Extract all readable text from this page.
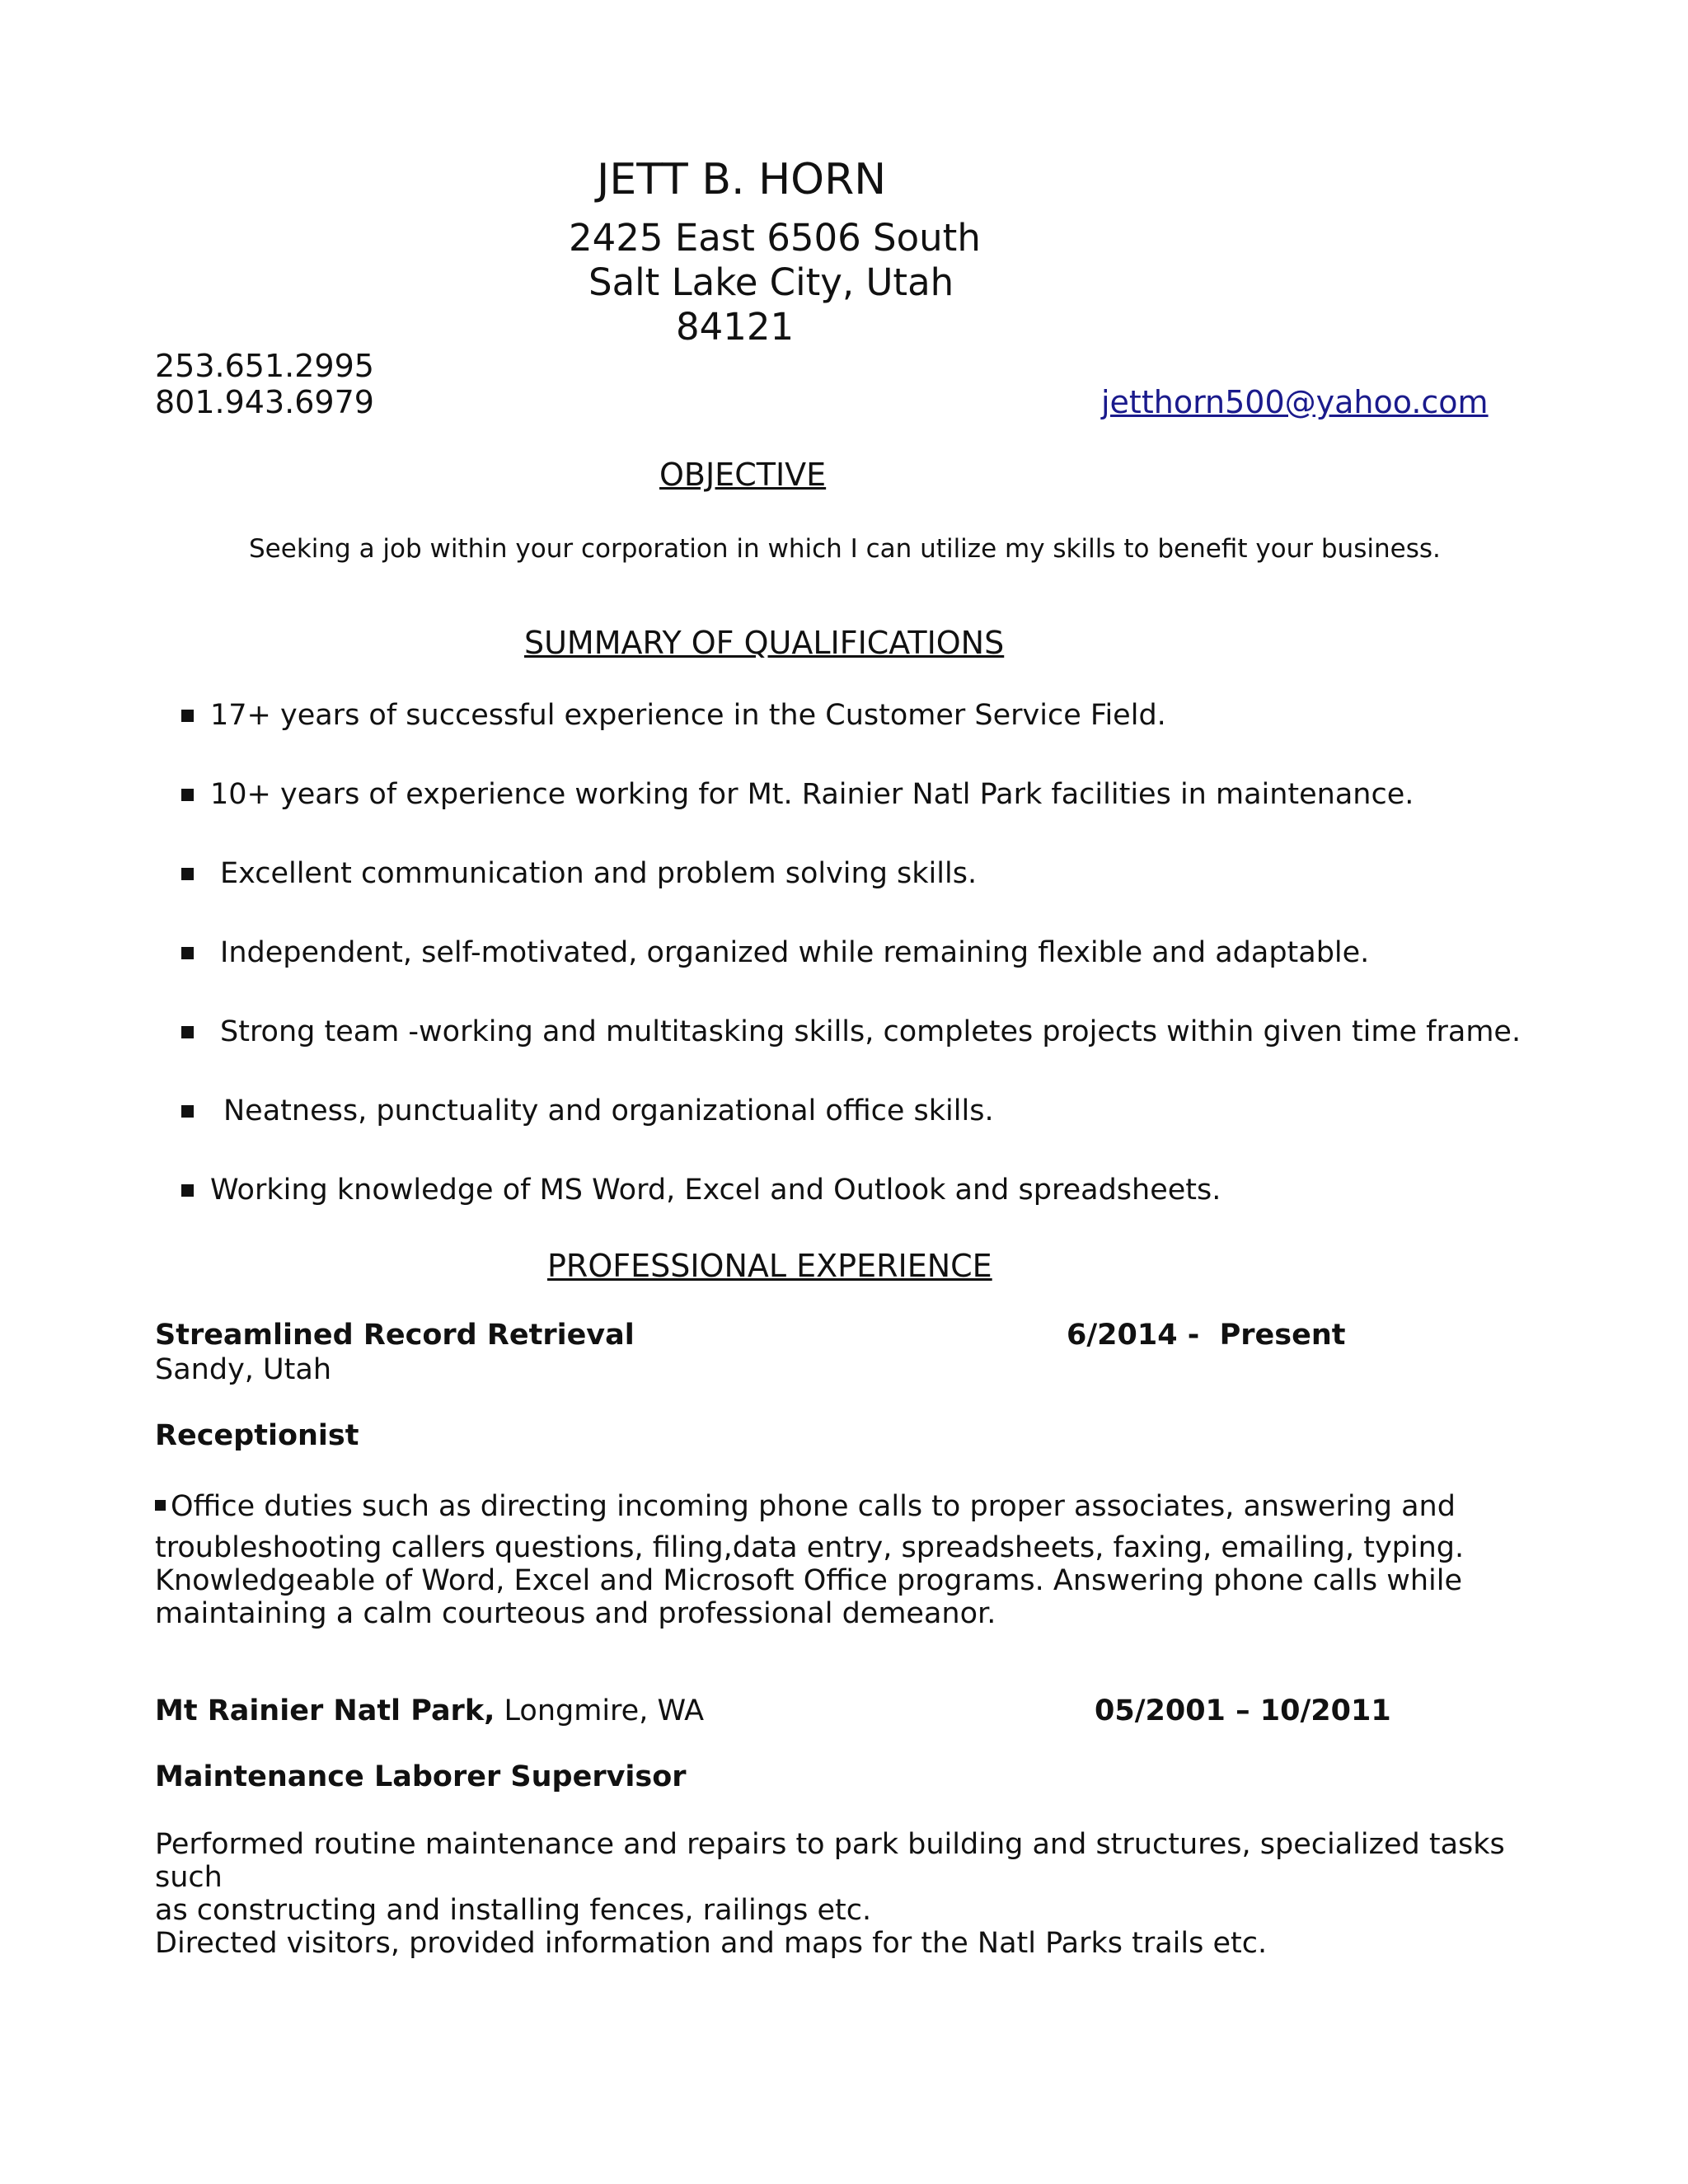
JETT B. HORN
2425 East 6506 South
Salt Lake City, Utah
84121
253.651.2995
801.943.6979	jetthorn500@yahoo.com
OBJECTIVE
Seeking a job within your corporation in which I can utilize my skills to benefit your business.
SUMMARY OF QUALIFICATIONS
17+ years of successful experience in the Customer Service Field.
10+ years of experience working for Mt. Rainier Natl Park facilities in maintenance.
Excellent communication and problem solving skills.
Independent, self-motivated, organized while remaining flexible and adaptable.
Strong team -working and multitasking skills, completes projects within given time frame.
Neatness, punctuality and organizational office skills.
Working knowledge of MS Word, Excel and Outlook and spreadsheets.
PROFESSIONAL EXPERIENCE
Streamlined Record Retrieval	6/2014 -  Present
Sandy, Utah
Receptionist
Office duties such as directing incoming phone calls to proper associates, answering and
troubleshooting callers questions, filing,data entry, spreadsheets, faxing, emailing, typing.
Knowledgeable of Word, Excel and Microsoft Office programs. Answering phone calls while
maintaining a calm courteous and professional demeanor.
Mt Rainier Natl Park, Longmire, WA	05/2001 – 10/2011
Maintenance Laborer Supervisor
Performed routine maintenance and repairs to park building and structures, specialized tasks such
as constructing and installing fences, railings etc.
Directed visitors, provided information and maps for the Natl Parks trails etc.
